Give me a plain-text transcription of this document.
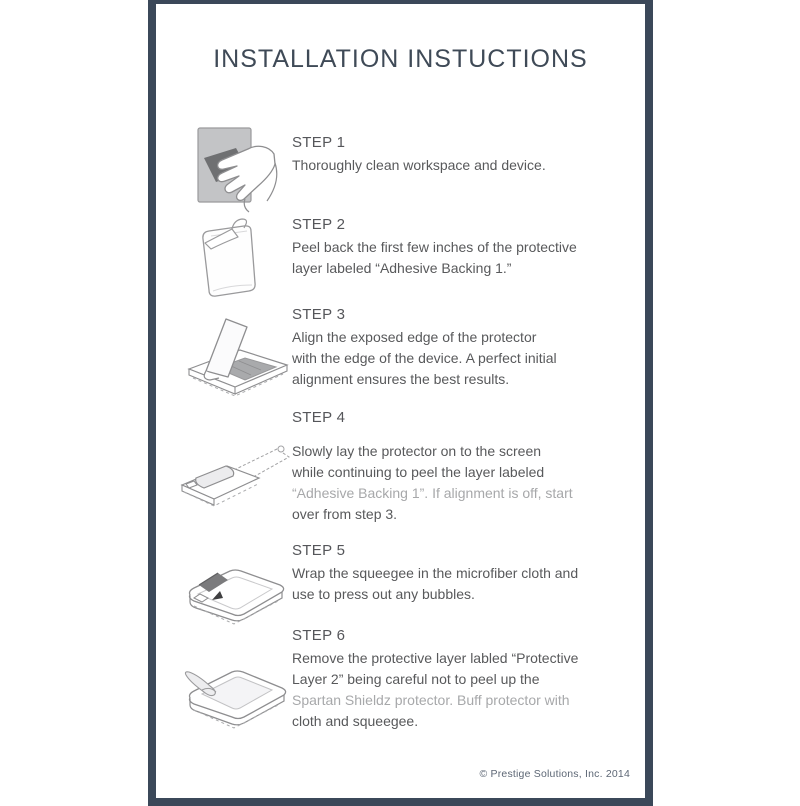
INSTALLATION INSTUCTIONS
STEP 1
Thoroughly clean workspace and device.
STEP 2
Peel back the first few inches of the protective
layer labeled “Adhesive Backing 1.”
STEP 3
Align the exposed edge of the protector
with the edge of the device. A perfect initial
alignment ensures the best results.
STEP 4
Slowly lay the protector on to the screen
while continuing to peel the layer labeled
“Adhesive Backing 1”. If alignment is off, start
over from step 3.
STEP 5
Wrap the squeegee in the microfiber cloth and
use to press out any bubbles.
STEP 6
Remove the protective layer labled “Protective
Layer 2” being careful not to peel up the
Spartan Shieldz protector. Buff protector with
cloth and squeegee.
© Prestige Solutions, Inc. 2014
